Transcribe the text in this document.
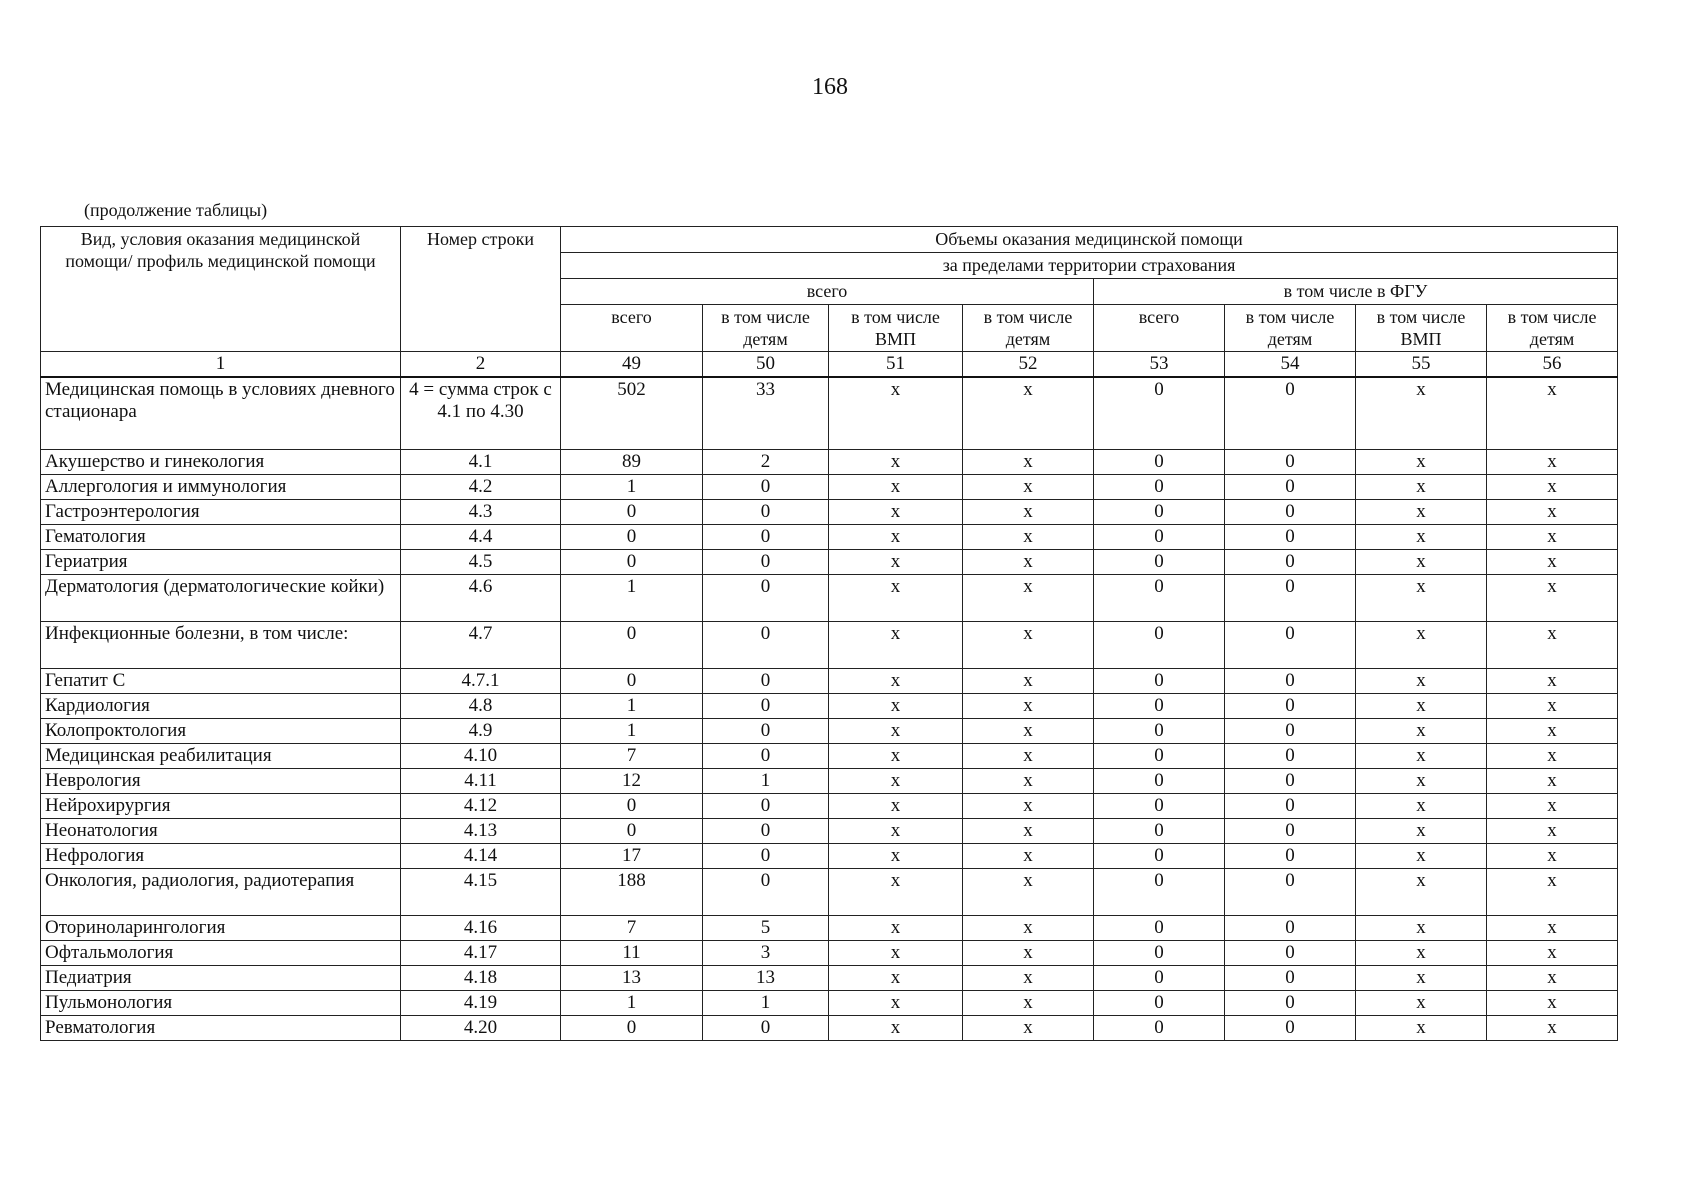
168
(продолжение таблицы)
Вид, условия оказания медицинской помощи/ профиль медицинской помощи	Номер строки	Объемы оказания медицинской помощи							
		за пределами территории страхования							
		всего				в том числе в ФГУ			
		всего	в том числе детям	в том числе ВМП	в том числе детям	всего	в том числе детям	в том числе ВМП	в том числе детям
1	2	49	50	51	52	53	54	55	56
Медицинская помощь в условиях дневного стационара	4 = сумма строк с 4.1 по 4.30	502	33	х	х	0	0	х	х
Акушерство и гинекология	4.1	89	2	х	х	0	0	х	х
Аллергология и иммунология	4.2	1	0	х	х	0	0	х	х
Гастроэнтерология	4.3	0	0	х	х	0	0	х	х
Гематология	4.4	0	0	х	х	0	0	х	х
Гериатрия	4.5	0	0	х	х	0	0	х	х
Дерматология (дерматологические койки)	4.6	1	0	х	х	0	0	х	х
Инфекционные болезни, в том числе:	4.7	0	0	х	х	0	0	х	х
Гепатит С	4.7.1	0	0	х	х	0	0	х	х
Кардиология	4.8	1	0	х	х	0	0	х	х
Колопроктология	4.9	1	0	х	х	0	0	х	х
Медицинская реабилитация	4.10	7	0	х	х	0	0	х	х
Неврология	4.11	12	1	х	х	0	0	х	х
Нейрохирургия	4.12	0	0	х	х	0	0	х	х
Неонатология	4.13	0	0	х	х	0	0	х	х
Нефрология	4.14	17	0	х	х	0	0	х	х
Онкология, радиология, радиотерапия	4.15	188	0	х	х	0	0	х	х
Оториноларингология	4.16	7	5	х	х	0	0	х	х
Офтальмология	4.17	11	3	х	х	0	0	х	х
Педиатрия	4.18	13	13	х	х	0	0	х	х
Пульмонология	4.19	1	1	х	х	0	0	х	х
Ревматология	4.20	0	0	х	х	0	0	х	х
